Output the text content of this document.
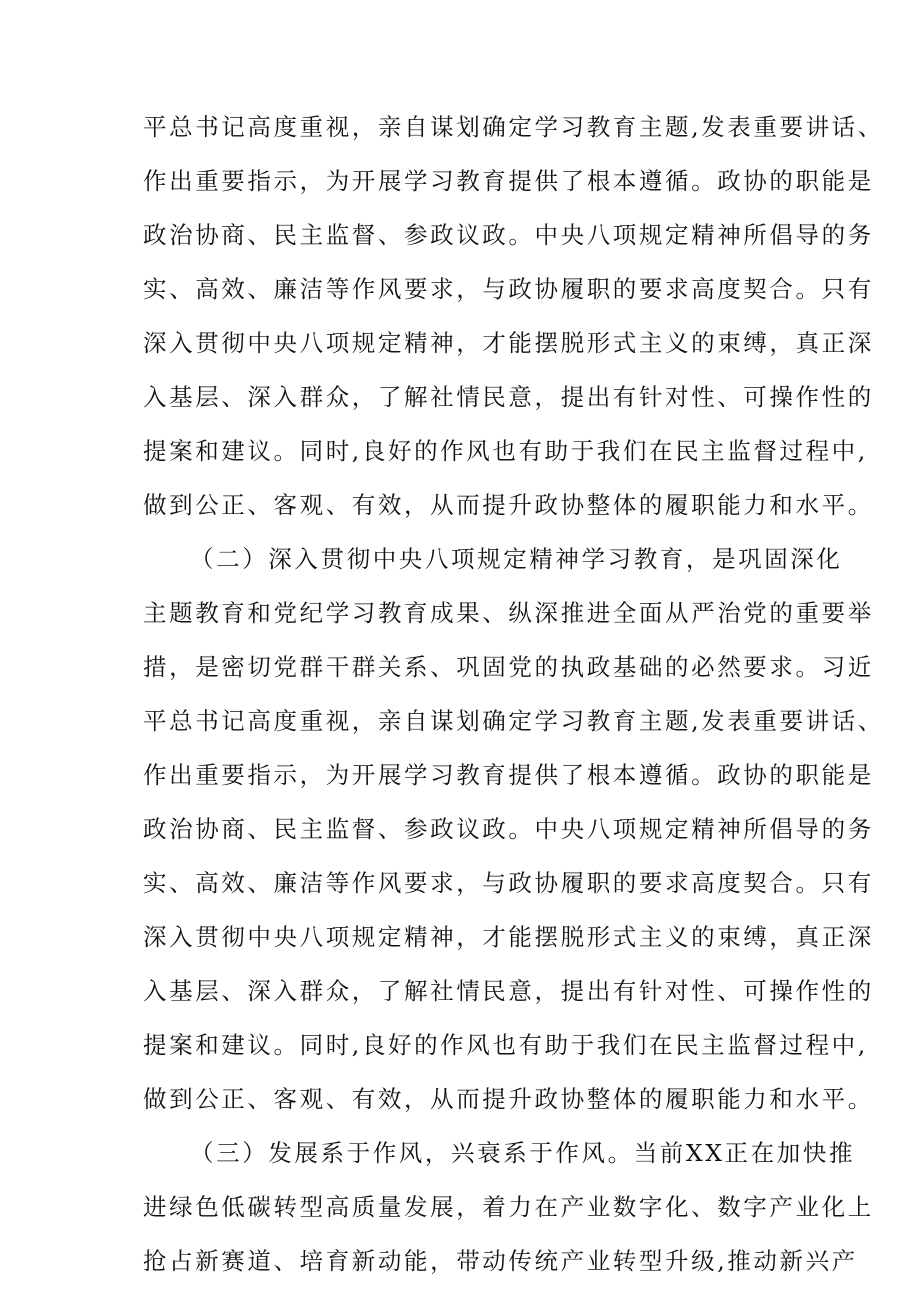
平总书记高度重视，亲自谋划确定学习教育主题,发表重要讲话、
作出重要指示，为开展学习教育提供了根本遵循。政协的职能是
政治协商、民主监督、参政议政。中央八项规定精神所倡导的务
实、高效、廉洁等作风要求，与政协履职的要求高度契合。只有
深入贯彻中央八项规定精神，才能摆脱形式主义的束缚，真正深
入基层、深入群众，了解社情民意，提出有针对性、可操作性的
提案和建议。同时,良好的作风也有助于我们在民主监督过程中,
做到公正、客观、有效，从而提升政协整体的履职能力和水平。

（二）深入贯彻中央八项规定精神学习教育，是巩固深化
主题教育和党纪学习教育成果、纵深推进全面从严治党的重要举
措，是密切党群干群关系、巩固党的执政基础的必然要求。习近
平总书记高度重视，亲自谋划确定学习教育主题,发表重要讲话、
作出重要指示，为开展学习教育提供了根本遵循。政协的职能是
政治协商、民主监督、参政议政。中央八项规定精神所倡导的务
实、高效、廉洁等作风要求，与政协履职的要求高度契合。只有
深入贯彻中央八项规定精神，才能摆脱形式主义的束缚，真正深
入基层、深入群众，了解社情民意，提出有针对性、可操作性的
提案和建议。同时,良好的作风也有助于我们在民主监督过程中,
做到公正、客观、有效，从而提升政协整体的履职能力和水平。

（三）发展系于作风，兴衰系于作风。当前XX正在加快推
进绿色低碳转型高质量发展，着力在产业数字化、数字产业化上
抢占新赛道、培育新动能，带动传统产业转型升级,推动新兴产
